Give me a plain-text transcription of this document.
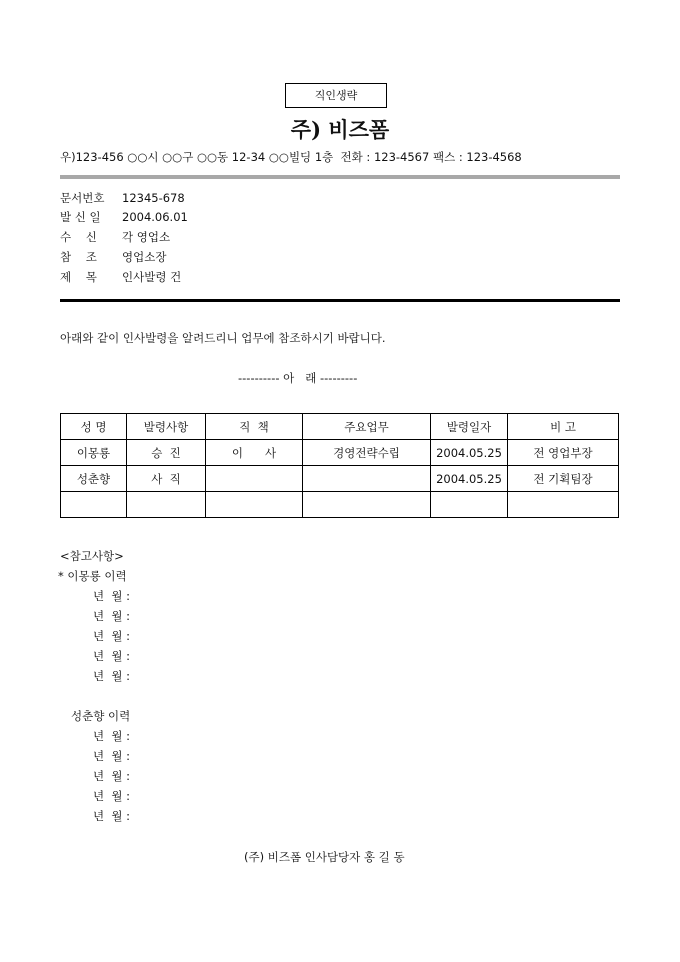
직인생략
주) 비즈폼
우)123-456 ○○시 ○○구 ○○동 12-34 ○○빌딩 1층  전화 : 123-4567 팩스 : 123-4568
문서번호 12345-678
발 신 일 2004.06.01
수    신 각 영업소
참    조 영업소장
제    목 인사발령 건
아래와 같이 인사발령을 알려드리니 업무에 참조하시기 바랍니다.
---------- 아   래 ---------
성 명	발령사항	직  책	주요업무	발령일자	비 고
이몽룡	승  진	이      사	경영전략수립	2004.05.25	전 영업부장
성춘향	사  직			2004.05.25	전 기획팀장

<참고사항>
* 이몽룡 이력
년  월 :
년  월 :
년  월 :
년  월 :
년  월 :
성춘향 이력
년  월 :
년  월 :
년  월 :
년  월 :
년  월 :
(주) 비즈폼 인사담당자 홍 길 동
